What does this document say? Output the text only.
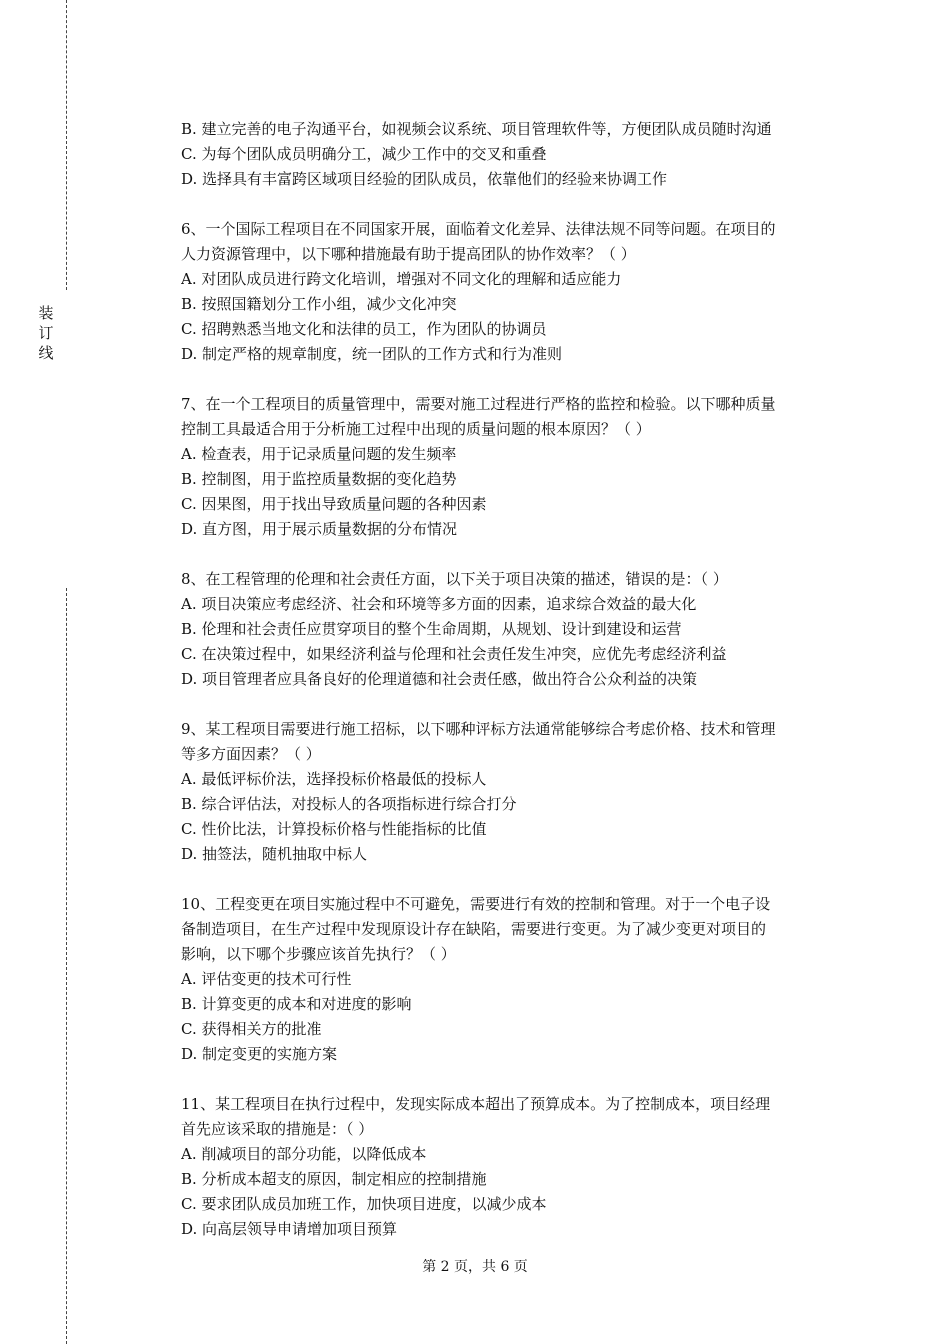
装
订
线
B. 建立完善的电子沟通平台，如视频会议系统、项目管理软件等，方便团队成员随时沟通
C. 为每个团队成员明确分工，减少工作中的交叉和重叠
D. 选择具有丰富跨区域项目经验的团队成员，依靠他们的经验来协调工作
6、一个国际工程项目在不同国家开展，面临着文化差异、法律法规不同等问题。在项目的
人力资源管理中，以下哪种措施最有助于提高团队的协作效率？（ ）
A. 对团队成员进行跨文化培训，增强对不同文化的理解和适应能力
B. 按照国籍划分工作小组，减少文化冲突
C. 招聘熟悉当地文化和法律的员工，作为团队的协调员
D. 制定严格的规章制度，统一团队的工作方式和行为准则
7、在一个工程项目的质量管理中，需要对施工过程进行严格的监控和检验。以下哪种质量
控制工具最适合用于分析施工过程中出现的质量问题的根本原因？（ ）
A. 检查表，用于记录质量问题的发生频率
B. 控制图，用于监控质量数据的变化趋势
C. 因果图，用于找出导致质量问题的各种因素
D. 直方图，用于展示质量数据的分布情况
8、在工程管理的伦理和社会责任方面，以下关于项目决策的描述，错误的是：（ ）
A. 项目决策应考虑经济、社会和环境等多方面的因素，追求综合效益的最大化
B. 伦理和社会责任应贯穿项目的整个生命周期，从规划、设计到建设和运营
C. 在决策过程中，如果经济利益与伦理和社会责任发生冲突，应优先考虑经济利益
D. 项目管理者应具备良好的伦理道德和社会责任感，做出符合公众利益的决策
9、某工程项目需要进行施工招标，以下哪种评标方法通常能够综合考虑价格、技术和管理
等多方面因素？（ ）
A. 最低评标价法，选择投标价格最低的投标人
B. 综合评估法，对投标人的各项指标进行综合打分
C. 性价比法，计算投标价格与性能指标的比值
D. 抽签法，随机抽取中标人
10、工程变更在项目实施过程中不可避免，需要进行有效的控制和管理。对于一个电子设
备制造项目，在生产过程中发现原设计存在缺陷，需要进行变更。为了减少变更对项目的
影响，以下哪个步骤应该首先执行？（ ）
A. 评估变更的技术可行性
B. 计算变更的成本和对进度的影响
C. 获得相关方的批准
D. 制定变更的实施方案
11、某工程项目在执行过程中，发现实际成本超出了预算成本。为了控制成本，项目经理
首先应该采取的措施是：（ ）
A. 削减项目的部分功能，以降低成本
B. 分析成本超支的原因，制定相应的控制措施
C. 要求团队成员加班工作，加快项目进度，以减少成本
D. 向高层领导申请增加项目预算
第 2 页，共 6 页
